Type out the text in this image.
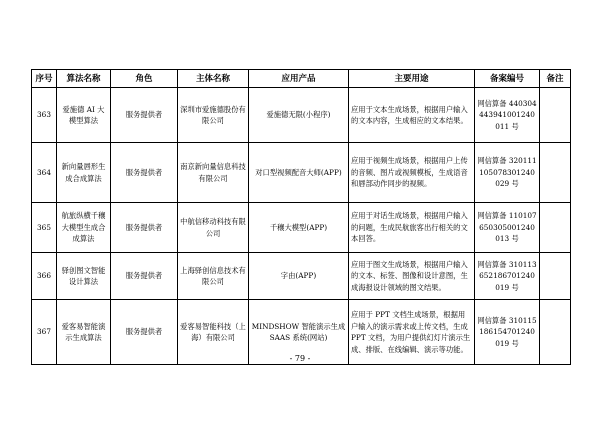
序号	算法名称	角色	主体名称	应用产品	主要用途	备案编号	备注
363	爱施德 AI 大模型算法	服务提供者	深圳市爱施德股份有限公司	爱施德无限(小程序)	应用于文本生成场景，根据用户输入的文本内容，生成相应的文本结果。	网信算备 440304443941001240011 号	
364	新向量唇形生成合成算法	服务提供者	南京新向量信息科技有限公司	对口型视频配音大师(APP)	应用于视频生成场景，根据用户上传的音频、图片或视频模板，生成语音和唇部动作同步的视频。	网信算备 320111105078301240029 号	
365	航旅纵横千穰大模型生成合成算法	服务提供者	中航信移动科技有限公司	千穰大模型(APP)	应用于对话生成场景，根据用户输入的问题，生成民航旅客出行相关的文本回答。	网信算备 110107650305001240013 号	
366	驿创图文智能设计算法	服务提供者	上海驿创信息技术有限公司	字由(APP)	应用于图文生成场景，根据用户输入的文本、标签、图像和设计意图，生成海报设计领域的图文结果。	网信算备 310113652186701240019 号	
367	爱客易智能演示生成算法	服务提供者	爱客易智能科技（上海）有限公司	MINDSHOW 智能演示生成 SAAS 系统(网站)	应用于 PPT 文档生成场景，根据用户输入的演示需求或上传文档，生成 PPT 文档，为用户提供幻灯片演示生成、排版、在线编辑、演示等功能。	网信算备 310115186154701240019 号	
- 79 -
